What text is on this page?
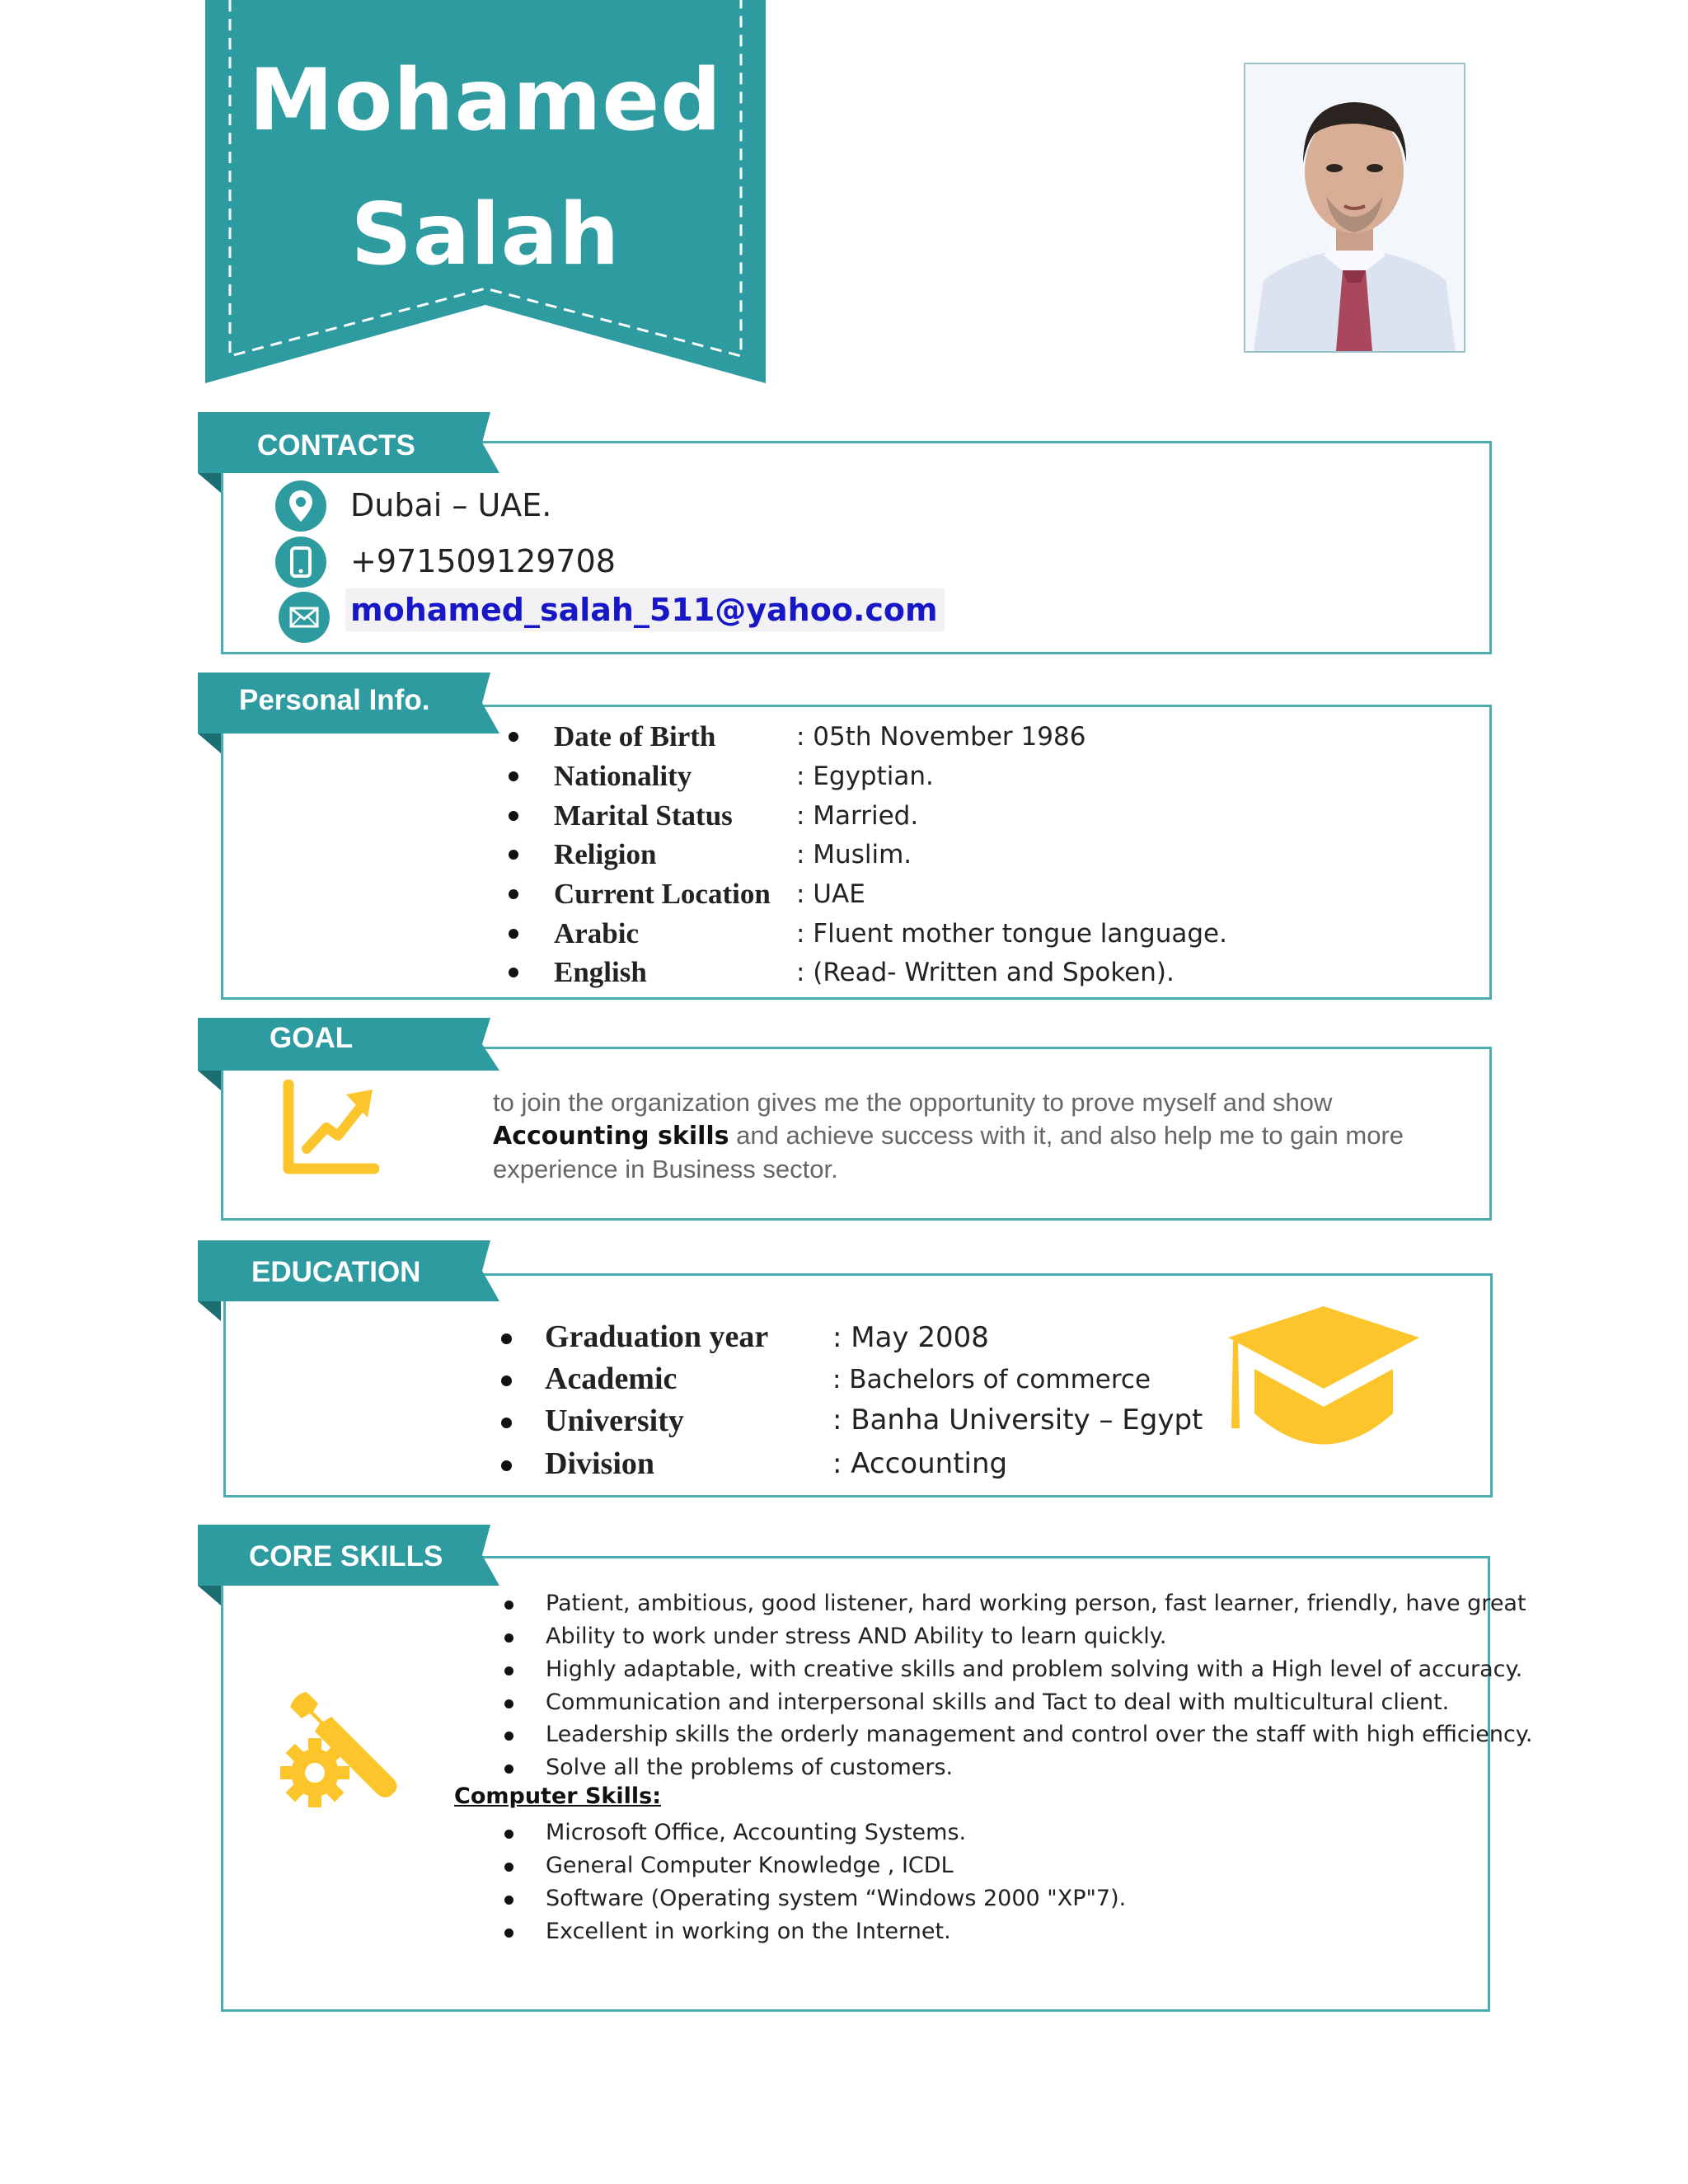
Mohamed
Salah
CONTACTS
Dubai – UAE.
+971509129708
mohamed_salah_511@yahoo.com
Personal Info.
Date of Birth	: 05th November 1986
Nationality	: Egyptian.
Marital Status : Married.
Religion	: Muslim.
Current Location : UAE
Arabic	: Fluent mother tongue language.
English	: (Read- Written and Spoken).
GOAL
to join the organization gives me the opportunity to prove myself and show
Accounting skills and achieve success with it, and also help me to gain more
experience in Business sector.
EDUCATION
Graduation year : May 2008
Academic	: Bachelors of commerce
University	: Banha University – Egypt
Division	: Accounting
CORE SKILLS
Patient, ambitious, good listener, hard working person, fast learner, friendly, have great
Ability to work under stress AND Ability to learn quickly.
Highly adaptable, with creative skills and problem solving with a High level of accuracy.
Communication and interpersonal skills and Tact to deal with multicultural client.
Leadership skills the orderly management and control over the staff with high efficiency.
Solve all the problems of customers.
Computer Skills:
Microsoft Office, Accounting Systems.
General Computer Knowledge , ICDL
Software (Operating system “Windows 2000 "XP"7).
Excellent in working on the Internet.
